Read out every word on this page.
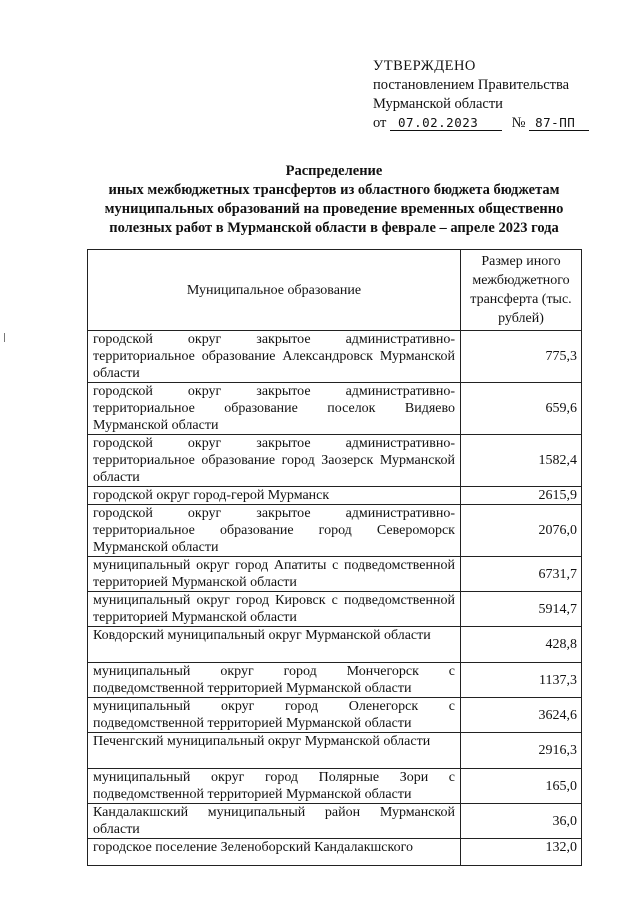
УТВЕРЖДЕНО
постановлением Правительства
Мурманской области
от 07.02.2023 № 87-ПП
Распределение
иных межбюджетных трансфертов из областного бюджета бюджетам
муниципальных образований на проведение временных общественно
полезных работ в Мурманской области в феврале – апреле 2023 года
Муниципальное образование	Размер иного межбюджетного трансферта (тыс. рублей)
городской округ закрытое административно-территориальное образование Александровск Мурманской области	775,3
городской округ закрытое административно-территориальное образование поселок Видяево Мурманской области	659,6
городской округ закрытое административно-территориальное образование город Заозерск Мурманской области	1582,4
городской округ город-герой Мурманск	2615,9
городской округ закрытое административно-территориальное образование город Североморск Мурманской области	2076,0
муниципальный округ город Апатиты с подведомственной территорией Мурманской области	6731,7
муниципальный округ город Кировск с подведомственной территорией Мурманской области	5914,7
Ковдорский муниципальный округ Мурманской области	428,8
муниципальный округ город Мончегорск с подведомственной территорией Мурманской области	1137,3
муниципальный округ город Оленегорск с подведомственной территорией Мурманской области	3624,6
Печенгский муниципальный округ Мурманской области	2916,3
муниципальный округ город Полярные Зори с подведомственной территорией Мурманской области	165,0
Кандалакшский муниципальный район Мурманской области	36,0
городское поселение Зеленоборский Кандалакшского	132,0
